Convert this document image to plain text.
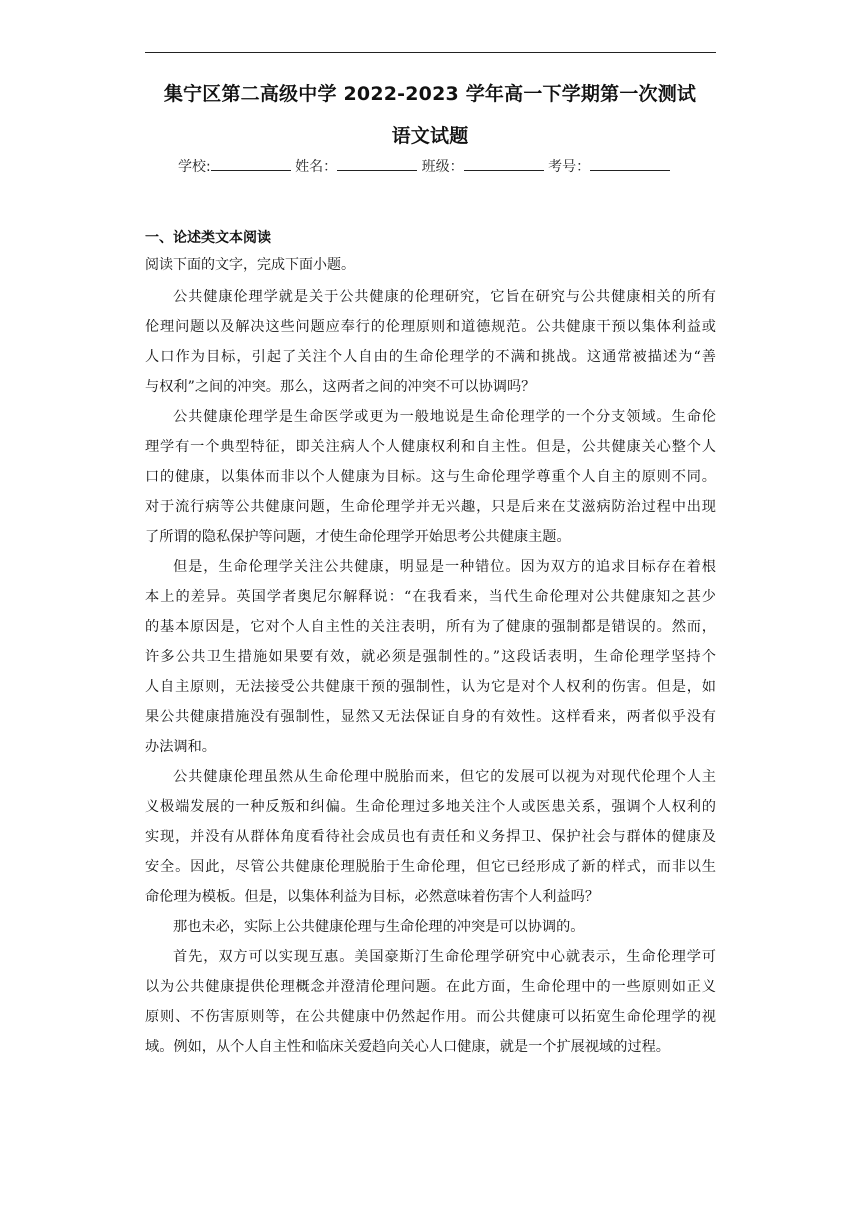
集宁区第二高级中学 2022-2023 学年高一下学期第一次测试
语文试题
学校:	姓名：	班级：	考号：
一、论述类文本阅读
阅读下面的文字，完成下面小题。
公共健康伦理学就是关于公共健康的伦理研究，它旨在研究与公共健康相关的所有
伦理问题以及解决这些问题应奉行的伦理原则和道德规范。公共健康干预以集体利益或
人口作为目标，引起了关注个人自由的生命伦理学的不满和挑战。这通常被描述为“善
与权利”之间的冲突。那么，这两者之间的冲突不可以协调吗？
公共健康伦理学是生命医学或更为一般地说是生命伦理学的一个分支领域。生命伦
理学有一个典型特征，即关注病人个人健康权利和自主性。但是，公共健康关心整个人
口的健康，以集体而非以个人健康为目标。这与生命伦理学尊重个人自主的原则不同。
对于流行病等公共健康问题，生命伦理学并无兴趣，只是后来在艾滋病防治过程中出现
了所谓的隐私保护等问题，才使生命伦理学开始思考公共健康主题。
但是，生命伦理学关注公共健康，明显是一种错位。因为双方的追求目标存在着根
本上的差异。英国学者奥尼尔解释说：“在我看来，当代生命伦理对公共健康知之甚少
的基本原因是，它对个人自主性的关注表明，所有为了健康的强制都是错误的。然而，
许多公共卫生措施如果要有效，就必须是强制性的。”这段话表明，生命伦理学坚持个
人自主原则，无法接受公共健康干预的强制性，认为它是对个人权利的伤害。但是，如
果公共健康措施没有强制性，显然又无法保证自身的有效性。这样看来，两者似乎没有
办法调和。
公共健康伦理虽然从生命伦理中脱胎而来，但它的发展可以视为对现代伦理个人主
义极端发展的一种反叛和纠偏。生命伦理过多地关注个人或医患关系，强调个人权利的
实现，并没有从群体角度看待社会成员也有责任和义务捍卫、保护社会与群体的健康及
安全。因此，尽管公共健康伦理脱胎于生命伦理，但它已经形成了新的样式，而非以生
命伦理为模板。但是，以集体利益为目标，必然意味着伤害个人利益吗？
那也未必，实际上公共健康伦理与生命伦理的冲突是可以协调的。
首先，双方可以实现互惠。美国豪斯汀生命伦理学研究中心就表示，生命伦理学可
以为公共健康提供伦理概念并澄清伦理问题。在此方面，生命伦理中的一些原则如正义
原则、不伤害原则等，在公共健康中仍然起作用。而公共健康可以拓宽生命伦理学的视
域。例如，从个人自主性和临床关爱趋向关心人口健康，就是一个扩展视域的过程。
